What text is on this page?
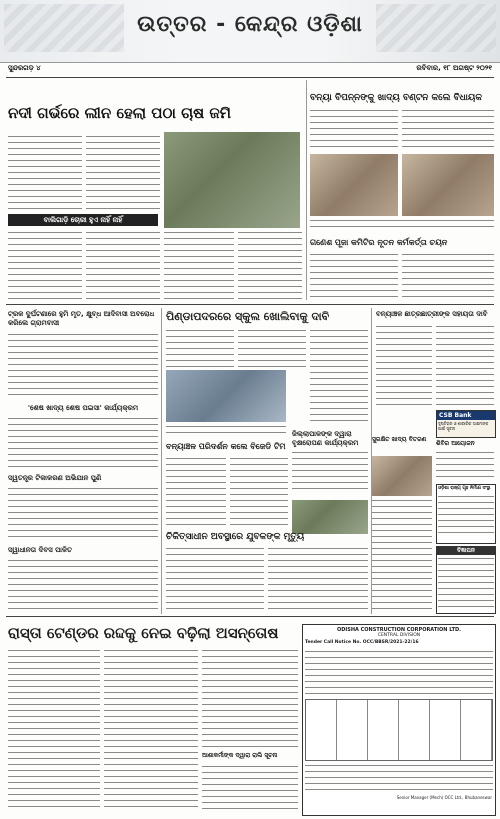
ଉତ୍ତର - କେନ୍ଦ୍ର ଓଡ଼ିଶା
ସୁନ୍ଦରଗଡ଼ ୪	ରବିବାର, ୧୮ ଅଗଷ୍ଟ ୨୦୨୧
ନଦୀ ଗର୍ଭରେ ଲୀନ ହେଲା ପଠା ଚାଷ ଜମି
ବାଲିଗାଡ଼ି ଚୋରୀ ହୁଏ ନାହିଁ ନାହିଁ
ବନ୍ୟା ବିପନ୍ନଙ୍କୁ ଖାଦ୍ୟ ବଣ୍ଟନ କଲେ ବିଧାୟକ
ଗଣେଶ ପୂଜା କମିଟିର ନୂତନ କର୍ମକର୍ତ୍ତା ଚୟନ
ଟ୍ରକ ଦୁର୍ଘଟଣାରେ ହୁମି ମୃତ, କ୍ଷୁବ୍ଧ ଆଦିବାସୀ ଅବରୋଧ କରିଲେ ଗ୍ରାମବାସୀ
'ଶେଷ ଖାଦ୍ୟ ଶେଷ ପଇସା' କାର୍ଯ୍ୟକ୍ରମ
ସ୍ୱତନ୍ତ୍ର ଟିକାକରଣ ଅଭିଯାନ ପୁଣି
ସ୍ୱାଧୀନତା ଦିବସ ପାଳିତ
ପିଣ୍ଡାପଦରରେ ସ୍କୁଲ ଖୋଲିବାକୁ ଦାବି
ଜିଲ୍ଲାପାଳଙ୍କ ଦ୍ୱାରା ବୃକ୍ଷରୋପଣ କାର୍ଯ୍ୟକ୍ରମ
ବନ୍ୟାଞ୍ଚଳ ପରିଦର୍ଶନ କଲେ ବିଜେଡି ଟିମ
ଚିକିତ୍ସାଧୀନ ଅବସ୍ଥାରେ ଯୁବକଙ୍କ ମୃତ୍ୟୁ
ବନ୍ୟାଞ୍ଚଳ ଛାତ୍ରଛାତ୍ରୀଙ୍କ ସହାୟତା ଦାବି
ସୁରକ୍ଷିତ ଖାଦ୍ୟ ବିତରଣ
CSB Bank
ଦୃଷ୍ଟିହୀନ ଓ ଶାରୀରିକ ଅକ୍ଷମଙ୍କ ପାଇଁ ସୂଚନା
ଶିବିର ଆୟୋଜନ
ଓଡ଼ିଶା ରାଜ୍ୟ ଗୃହ ନିର୍ମାଣ ସଂସ୍ଥା
ବିଜ୍ଞାପନ
ରାସ୍ତା ଟେଣ୍ଡର ରଦ୍ଦକୁ ନେଇ ବଢ଼ିଲା ଅସନ୍ତୋଷ
ଆଶାକର୍ମୀଙ୍କ ଦ୍ୱାରା ରାଲି ସୂଚନା
ODISHA CONSTRUCTION CORPORATION LTD.
CENTRAL DIVISION
Tender Call Notice No. OCC/BBSR/2021-22/16
Senior Manager (Mech) OCC Ltd., Bhubaneswar
